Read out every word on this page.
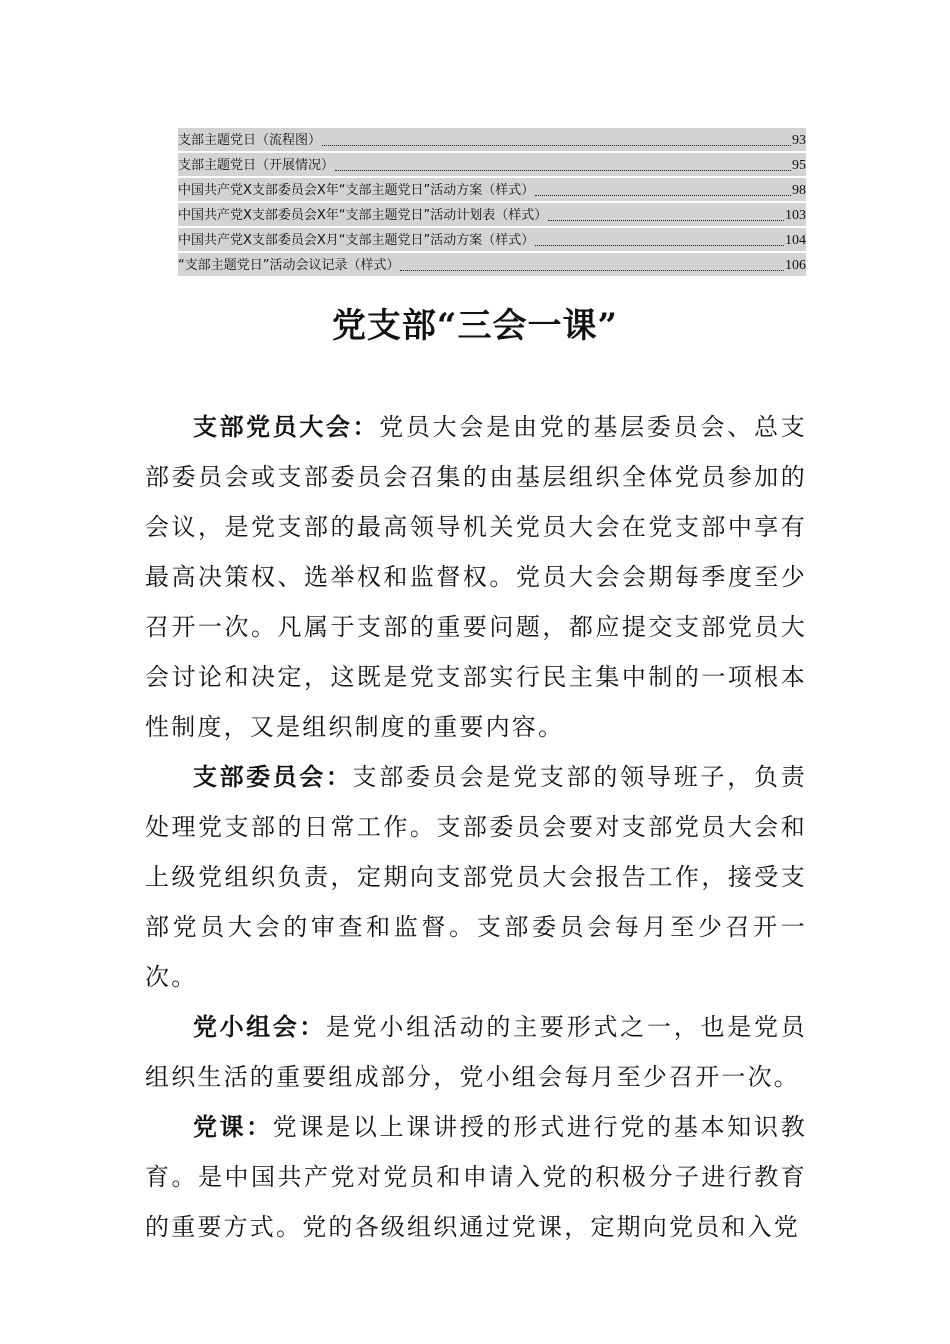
支部主题党日（流程图）	93
支部主题党日（开展情况）	95
中国共产党X支部委员会X年“支部主题党日”活动方案（样式）	98
中国共产党X支部委员会X年“支部主题党日”活动计划表（样式）	103
中国共产党X支部委员会X月“支部主题党日”活动方案（样式）	104
“支部主题党日”活动会议记录（样式）	106
党支部“三会一课”

支部党员大会：党员大会是由党的基层委员会、总支部委员会或支部委员会召集的由基层组织全体党员参加的会议，是党支部的最高领导机关党员大会在党支部中享有最高决策权、选举权和监督权。党员大会会期每季度至少召开一次。凡属于支部的重要问题，都应提交支部党员大会讨论和决定，这既是党支部实行民主集中制的一项根本性制度，又是组织制度的重要内容。

支部委员会：支部委员会是党支部的领导班子，负责处理党支部的日常工作。支部委员会要对支部党员大会和上级党组织负责，定期向支部党员大会报告工作，接受支部党员大会的审查和监督。支部委员会每月至少召开一次。

党小组会：是党小组活动的主要形式之一，也是党员组织生活的重要组成部分，党小组会每月至少召开一次。

党课：党课是以上课讲授的形式进行党的基本知识教育。是中国共产党对党员和申请入党的积极分子进行教育的重要方式。党的各级组织通过党课，定期向党员和入党
